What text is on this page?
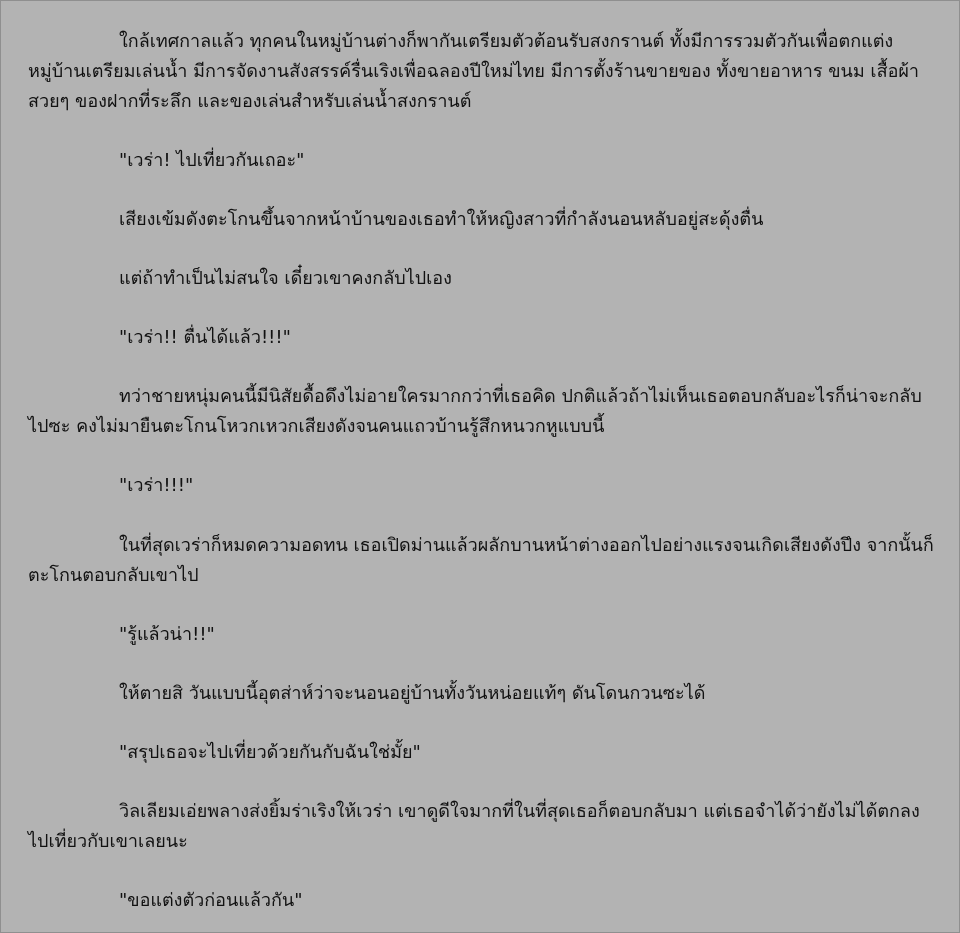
ใกล้เทศกาลแล้ว ทุกคนในหมู่บ้านต่างก็พากันเตรียมตัวต้อนรับสงกรานต์ ทั้งมีการรวมตัวกันเพื่อตกแต่งหมู่บ้านเตรียมเล่นน้ำ มีการจัดงานสังสรรค์รื่นเริงเพื่อฉลองปีใหม่ไทย มีการตั้งร้านขายของ ทั้งขายอาหาร ขนม เสื้อผ้าสวยๆ ของฝากที่ระลึก และของเล่นสำหรับเล่นน้ำสงกรานต์

"เวร่า! ไปเที่ยวกันเถอะ"

เสียงเข้มดังตะโกนขึ้นจากหน้าบ้านของเธอทำให้หญิงสาวที่กำลังนอนหลับอยู่สะดุ้งตื่น

แต่ถ้าทำเป็นไม่สนใจ เดี๋ยวเขาคงกลับไปเอง

"เวร่า!! ตื่นได้แล้ว!!!"

ทว่าชายหนุ่มคนนี้มีนิสัยดื้อดึงไม่อายใครมากกว่าที่เธอคิด ปกติแล้วถ้าไม่เห็นเธอตอบกลับอะไรก็น่าจะกลับไปซะ คงไม่มายืนตะโกนโหวกเหวกเสียงดังจนคนแถวบ้านรู้สึกหนวกหูแบบนี้

"เวร่า!!!"

ในที่สุดเวร่าก็หมดความอดทน เธอเปิดม่านแล้วผลักบานหน้าต่างออกไปอย่างแรงจนเกิดเสียงดังปึง จากนั้นก็ตะโกนตอบกลับเขาไป

"รู้แล้วน่า!!"

ให้ตายสิ วันแบบนี้อุตส่าห์ว่าจะนอนอยู่บ้านทั้งวันหน่อยแท้ๆ ดันโดนกวนซะได้

"สรุปเธอจะไปเที่ยวด้วยกันกับฉันใช่มั้ย"

วิลเลียมเอ่ยพลางส่งยิ้มร่าเริงให้เวร่า เขาดูดีใจมากที่ในที่สุดเธอก็ตอบกลับมา แต่เธอจำได้ว่ายังไม่ได้ตกลงไปเที่ยวกับเขาเลยนะ

"ขอแต่งตัวก่อนแล้วกัน"
